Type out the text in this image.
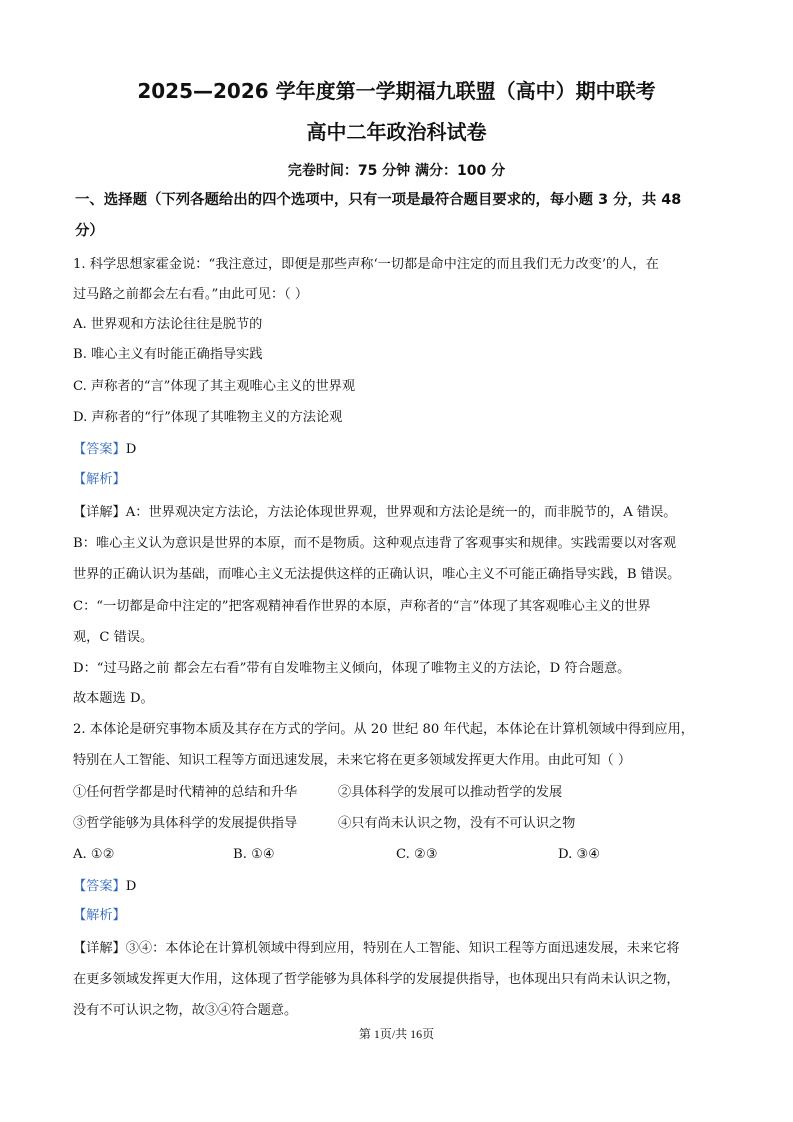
2025—2026 学年度第一学期福九联盟（高中）期中联考
高中二年政治科试卷
完卷时间：75 分钟 满分：100 分
一、选择题（下列各题给出的四个选项中，只有一项是最符合题目要求的，每小题 3 分，共 48
分）
1. 科学思想家霍金说：“我注意过，即便是那些声称‘一切都是命中注定的而且我们无力改变’的人，在
过马路之前都会左右看。”由此可见：（ ）
A. 世界观和方法论往往是脱节的
B. 唯心主义有时能正确指导实践
C. 声称者的“言”体现了其主观唯心主义的世界观
D. 声称者的“行”体现了其唯物主义的方法论观
【答案】D
【解析】
【详解】A：世界观决定方法论，方法论体现世界观，世界观和方法论是统一的，而非脱节的，A 错误。
B：唯心主义认为意识是世界的本原，而不是物质。这种观点违背了客观事实和规律。实践需要以对客观
世界的正确认识为基础，而唯心主义无法提供这样的正确认识，唯心主义不可能正确指导实践，B 错误。
C：“一切都是命中注定的”把客观精神看作世界的本原，声称者的“言”体现了其客观唯心主义的世界
观，C 错误。
D：“过马路之前 都会左右看”带有自发唯物主义倾向，体现了唯物主义的方法论，D 符合题意。
故本题选 D。
2. 本体论是研究事物本质及其存在方式的学问。从 20 世纪 80 年代起，本体论在计算机领域中得到应用，
特别在人工智能、知识工程等方面迅速发展，未来它将在更多领域发挥更大作用。由此可知（ ）
①任何哲学都是时代精神的总结和升华	②具体科学的发展可以推动哲学的发展
③哲学能够为具体科学的发展提供指导	④只有尚未认识之物，没有不可认识之物
A. ①②	B. ①④	C. ②③	D. ③④
【答案】D
【解析】
【详解】③④：本体论在计算机领域中得到应用，特别在人工智能、知识工程等方面迅速发展，未来它将
在更多领域发挥更大作用，这体现了哲学能够为具体科学的发展提供指导，也体现出只有尚未认识之物，
没有不可认识之物，故③④符合题意。
第 1页/共 16页
